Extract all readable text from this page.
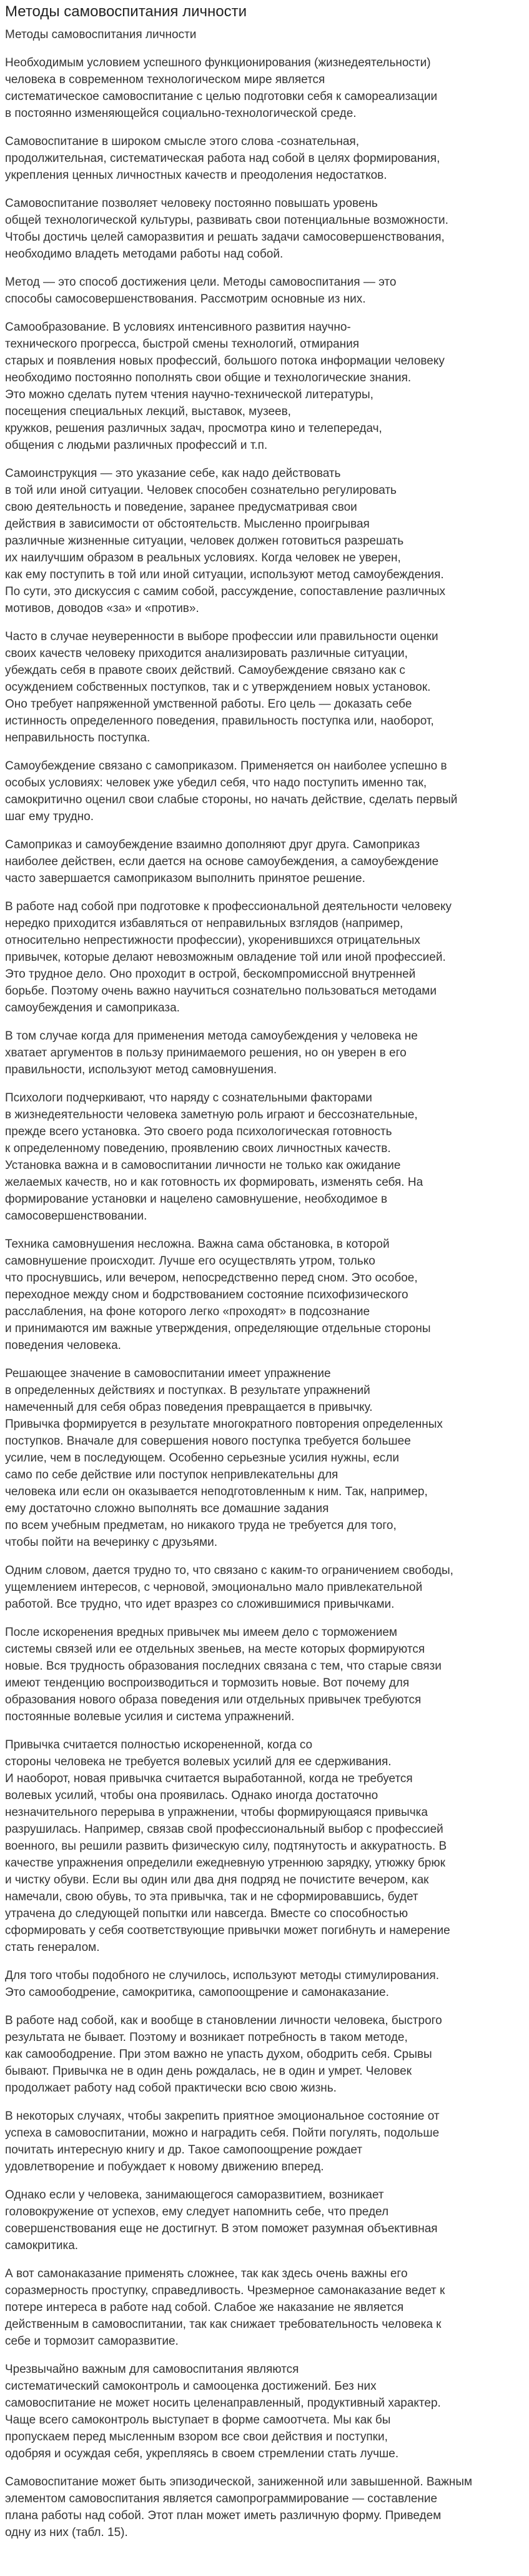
Методы самовоспитания личности
Методы самовоспитания личности

Необходимым условием успешного функционирования (жизнедеятельности)
человека в современном технологическом мире является
систематическое самовоспитание с целью подготовки себя к самореализации
в постоянно изменяющейся социально-технологической среде.

Самовоспитание в широком смысле этого слова -сознательная,
продолжительная, систематическая работа над собой в целях формирования,
укрепления ценных личностных качеств и преодоления недостатков.

Самовоспитание позволяет человеку постоянно повышать уровень
общей технологической культуры, развивать свои потенциальные возможности.
Чтобы достичь целей саморазвития и решать задачи самосовершенствования,
необходимо владеть методами работы над собой.

Метод — это способ достижения цели. Методы самовоспитания — это
способы самосовершенствования. Рассмотрим основные из них.

Самообразование. В условиях интенсивного развития научно-
технического прогресса, быстрой смены технологий, отмирания
старых и появления новых профессий, большого потока информации человеку
необходимо постоянно пополнять свои общие и технологические знания.
Это можно сделать путем чтения научно-технической литературы,
посещения специальных лекций, выставок, музеев,
кружков, решения различных задач, просмотра кино и телепередач,
общения с людьми различных профессий и т.п.

Самоинструкция — это указание себе, как надо действовать
в той или иной ситуации. Человек способен сознательно регулировать
свою деятельность и поведение, заранее предусматривая свои
действия в зависимости от обстоятельств. Мысленно проигрывая
различные жизненные ситуации, человек должен готовиться разрешать
их наилучшим образом в реальных условиях. Когда человек не уверен,
как ему поступить в той или иной ситуации, используют метод самоубеждения.
По сути, это дискуссия с самим собой, рассуждение, сопоставление различных
мотивов, доводов «за» и «против».

Часто в случае неуверенности в выборе профессии или правильности оценки
своих качеств человеку приходится анализировать различные ситуации,
убеждать себя в правоте своих действий. Самоубеждение связано как с
осуждением собственных поступков, так и с утверждением новых установок.
Оно требует напряженной умственной работы. Его цель — доказать себе
истинность определенного поведения, правильность поступка или, наоборот,
неправильность поступка.

Самоубеждение связано с самоприказом. Применяется он наиболее успешно в
особых условиях: человек уже убедил себя, что надо поступить именно так,
самокритично оценил свои слабые стороны, но начать действие, сделать первый
шаг ему трудно.

Самоприказ и самоубеждение взаимно дополняют друг друга. Самоприказ
наиболее действен, если дается на основе самоубеждения, а самоубеждение
часто завершается самоприказом выполнить принятое решение.

В работе над собой при подготовке к профессиональной деятельности человеку
нередко приходится избавляться от неправильных взглядов (например,
относительно непрестижности профессии), укоренившихся отрицательных
привычек, которые делают невозможным овладение той или иной профессией.
Это трудное дело. Оно проходит в острой, бескомпромиссной внутренней
борьбе. Поэтому очень важно научиться сознательно пользоваться методами
самоубеждения и самоприказа.

В том случае когда для применения метода самоубеждения у человека не
хватает аргументов в пользу принимаемого решения, но он уверен в его
правильности, используют метод самовнушения.

Психологи подчеркивают, что наряду с сознательными факторами
в жизнедеятельности человека заметную роль играют и бессознательные,
прежде всего установка. Это своего рода психологическая готовность
к определенному поведению, проявлению своих личностных качеств.
Установка важна и в самовоспитании личности не только как ожидание
желаемых качеств, но и как готовность их формировать, изменять себя. На
формирование установки и нацелено самовнушение, необходимое в
самосовершенствовании.

Техника самовнушения несложна. Важна сама обстановка, в которой
самовнушение происходит. Лучше его осуществлять утром, только
что проснувшись, или вечером, непосредственно перед сном. Это особое,
переходное между сном и бодрствованием состояние психофизического
расслабления, на фоне которого легко «проходят» в подсознание
и принимаются им важные утверждения, определяющие отдельные стороны
поведения человека.

Решающее значение в самовоспитании имеет упражнение
в определенных действиях и поступках. В результате упражнений
намеченный для себя образ поведения превращается в привычку.
Привычка формируется в результате многократного повторения определенных
поступков. Вначале для совершения нового поступка требуется большее
усилие, чем в последующем. Особенно серьезные усилия нужны, если
само по себе действие или поступок непривлекательны для
человека или если он оказывается неподготовленным к ним. Так, например,
ему достаточно сложно выполнять все домашние задания
по всем учебным предметам, но никакого труда не требуется для того,
чтобы пойти на вечеринку с друзьями.

Одним словом, дается трудно то, что связано с каким-то ограничением свободы,
ущемлением интересов, с черновой, эмоционально мало привлекательной
работой. Все трудно, что идет вразрез со сложившимися привычками.

После искоренения вредных привычек мы имеем дело с торможением
системы связей или ее отдельных звеньев, на месте которых формируются
новые. Вся трудность образования последних связана с тем, что старые связи
имеют тенденцию воспроизводиться и тормозить новые. Вот почему для
образования нового образа поведения или отдельных привычек требуются
постоянные волевые усилия и система упражнений.

Привычка считается полностью искорененной, когда со
стороны человека не требуется волевых усилий для ее сдерживания.
И наоборот, новая привычка считается выработанной, когда не требуется
волевых усилий, чтобы она проявилась. Однако иногда достаточно
незначительного перерыва в упражнении, чтобы формирующаяся привычка
разрушилась. Например, связав свой профессиональный выбор с профессией
военного, вы решили развить физическую силу, подтянутость и аккуратность. В
качестве упражнения определили ежедневную утреннюю зарядку, утюжку брюк
и чистку обуви. Если вы один или два дня подряд не почистите вечером, как
намечали, свою обувь, то эта привычка, так и не сформировавшись, будет
утрачена до следующей попытки или навсегда. Вместе со способностью
сформировать у себя соответствующие привычки может погибнуть и намерение
стать генералом.

Для того чтобы подобного не случилось, используют методы стимулирования.
Это самоободрение, самокритика, самопоощрение и самонаказание.

В работе над собой, как и вообще в становлении личности человека, быстрого
результата не бывает. Поэтому и возникает потребность в таком методе,
как самоободрение. При этом важно не упасть духом, ободрить себя. Срывы
бывают. Привычка не в один день рождалась, не в один и умрет. Человек
продолжает работу над собой практически всю свою жизнь.

В некоторых случаях, чтобы закрепить приятное эмоциональное состояние от
успеха в самовоспитании, можно и наградить себя. Пойти погулять, подольше
почитать интересную книгу и др. Такое самопоощрение рождает
удовлетворение и побуждает к новому движению вперед.

Однако если у человека, занимающегося саморазвитием, возникает
головокружение от успехов, ему следует напомнить себе, что предел
совершенствования еще не достигнут. В этом поможет разумная объективная
самокритика.

А вот самонаказание применять сложнее, так как здесь очень важны его
соразмерность проступку, справедливость. Чрезмерное самонаказание ведет к
потере интереса в работе над собой. Слабое же наказание не является
действенным в самовоспитании, так как снижает требовательность человека к
себе и тормозит саморазвитие.

Чрезвычайно важным для самовоспитания являются
систематический самоконтроль и самооценка достижений. Без них
самовоспитание не может носить целенаправленный, продуктивный характер.
Чаще всего самоконтроль выступает в форме самоотчета. Мы как бы
пропускаем перед мысленным взором все свои действия и поступки,
одобряя и осуждая себя, укрепляясь в своем стремлении стать лучше.

Самовоспитание может быть эпизодической, заниженной или завышенной. Важным
элементом самовоспитания является самопрограммирование — составление
плана работы над собой. Этот план может иметь различную форму. Приведем
одну из них (табл. 15).
